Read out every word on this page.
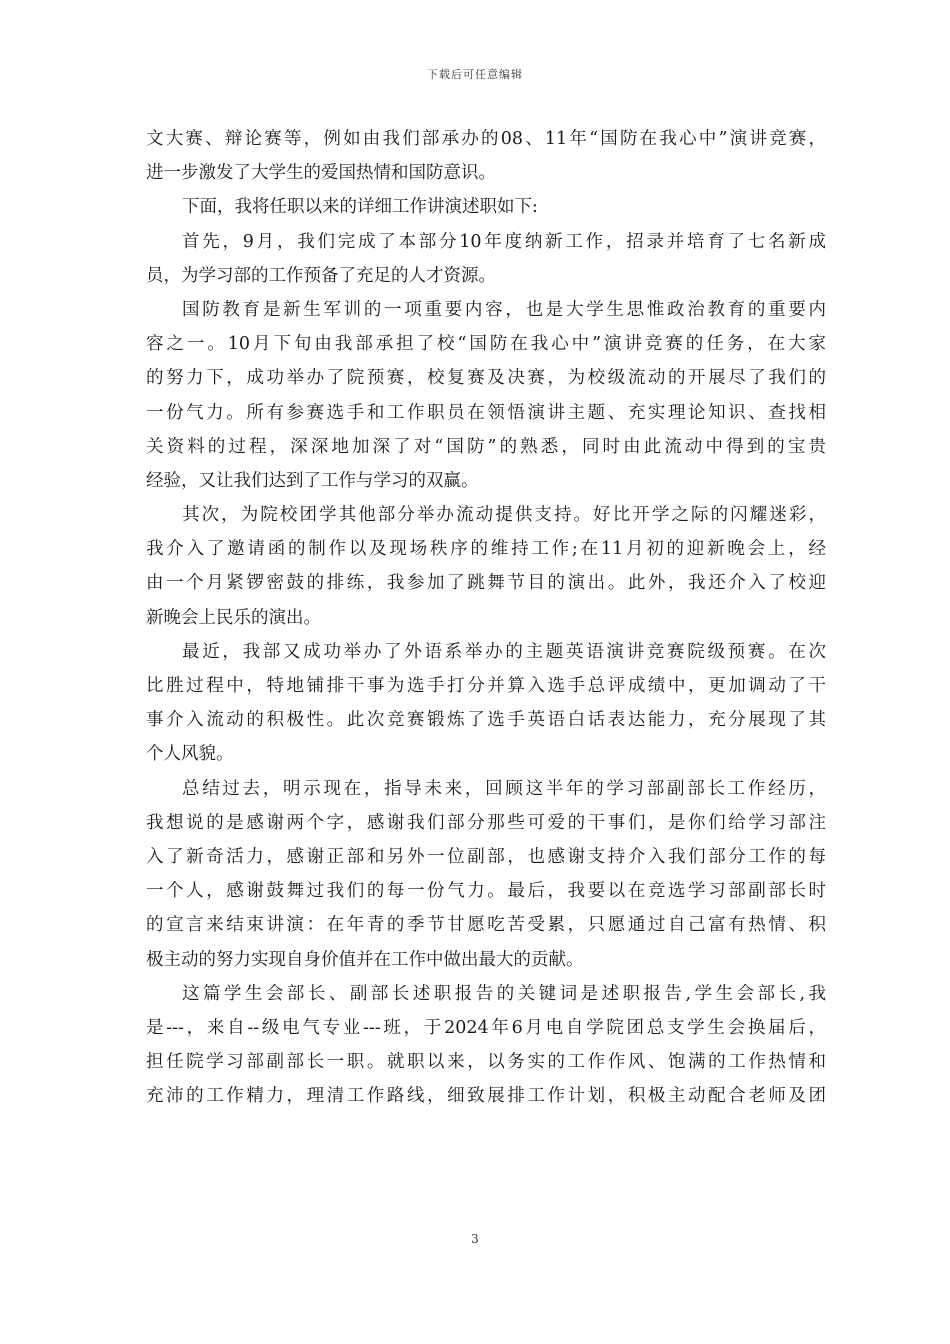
下载后可任意编辑
文大赛、辩论赛等，例如由我们部承办的08、11年“国防在我心中”演讲竞赛，
进一步激发了大学生的爱国热情和国防意识。
下面，我将任职以来的详细工作讲演述职如下:
首先，9月，我们完成了本部分10年度纳新工作，招录并培育了七名新成
员，为学习部的工作预备了充足的人才资源。
国防教育是新生军训的一项重要内容，也是大学生思惟政治教育的重要内
容之一。10月下旬由我部承担了校“国防在我心中”演讲竞赛的任务，在大家
的努力下，成功举办了院预赛，校复赛及决赛，为校级流动的开展尽了我们的
一份气力。所有参赛选手和工作职员在领悟演讲主题、充实理论知识、查找相
关资料的过程，深深地加深了对“国防”的熟悉，同时由此流动中得到的宝贵
经验，又让我们达到了工作与学习的双赢。
其次，为院校团学其他部分举办流动提供支持。好比开学之际的闪耀迷彩，
我介入了邀请函的制作以及现场秩序的维持工作;在11月初的迎新晚会上，经
由一个月紧锣密鼓的排练，我参加了跳舞节目的演出。此外，我还介入了校迎
新晚会上民乐的演出。
最近，我部又成功举办了外语系举办的主题英语演讲竞赛院级预赛。在次
比胜过程中，特地铺排干事为选手打分并算入选手总评成绩中，更加调动了干
事介入流动的积极性。此次竞赛锻炼了选手英语白话表达能力，充分展现了其
个人风貌。
总结过去，明示现在，指导未来，回顾这半年的学习部副部长工作经历，
我想说的是感谢两个字，感谢我们部分那些可爱的干事们，是你们给学习部注
入了新奇活力，感谢正部和另外一位副部，也感谢支持介入我们部分工作的每
一个人，感谢鼓舞过我们的每一份气力。最后，我要以在竞选学习部副部长时
的宣言来结束讲演：在年青的季节甘愿吃苦受累，只愿通过自己富有热情、积
极主动的努力实现自身价值并在工作中做出最大的贡献。
这篇学生会部长、副部长述职报告的关键词是述职报告,学生会部长,我
是---，来自--级电气专业---班，于2024年6月电自学院团总支学生会换届后，
担任院学习部副部长一职。就职以来，以务实的工作作风、饱满的工作热情和
充沛的工作精力，理清工作路线，细致展排工作计划，积极主动配合老师及团
3
